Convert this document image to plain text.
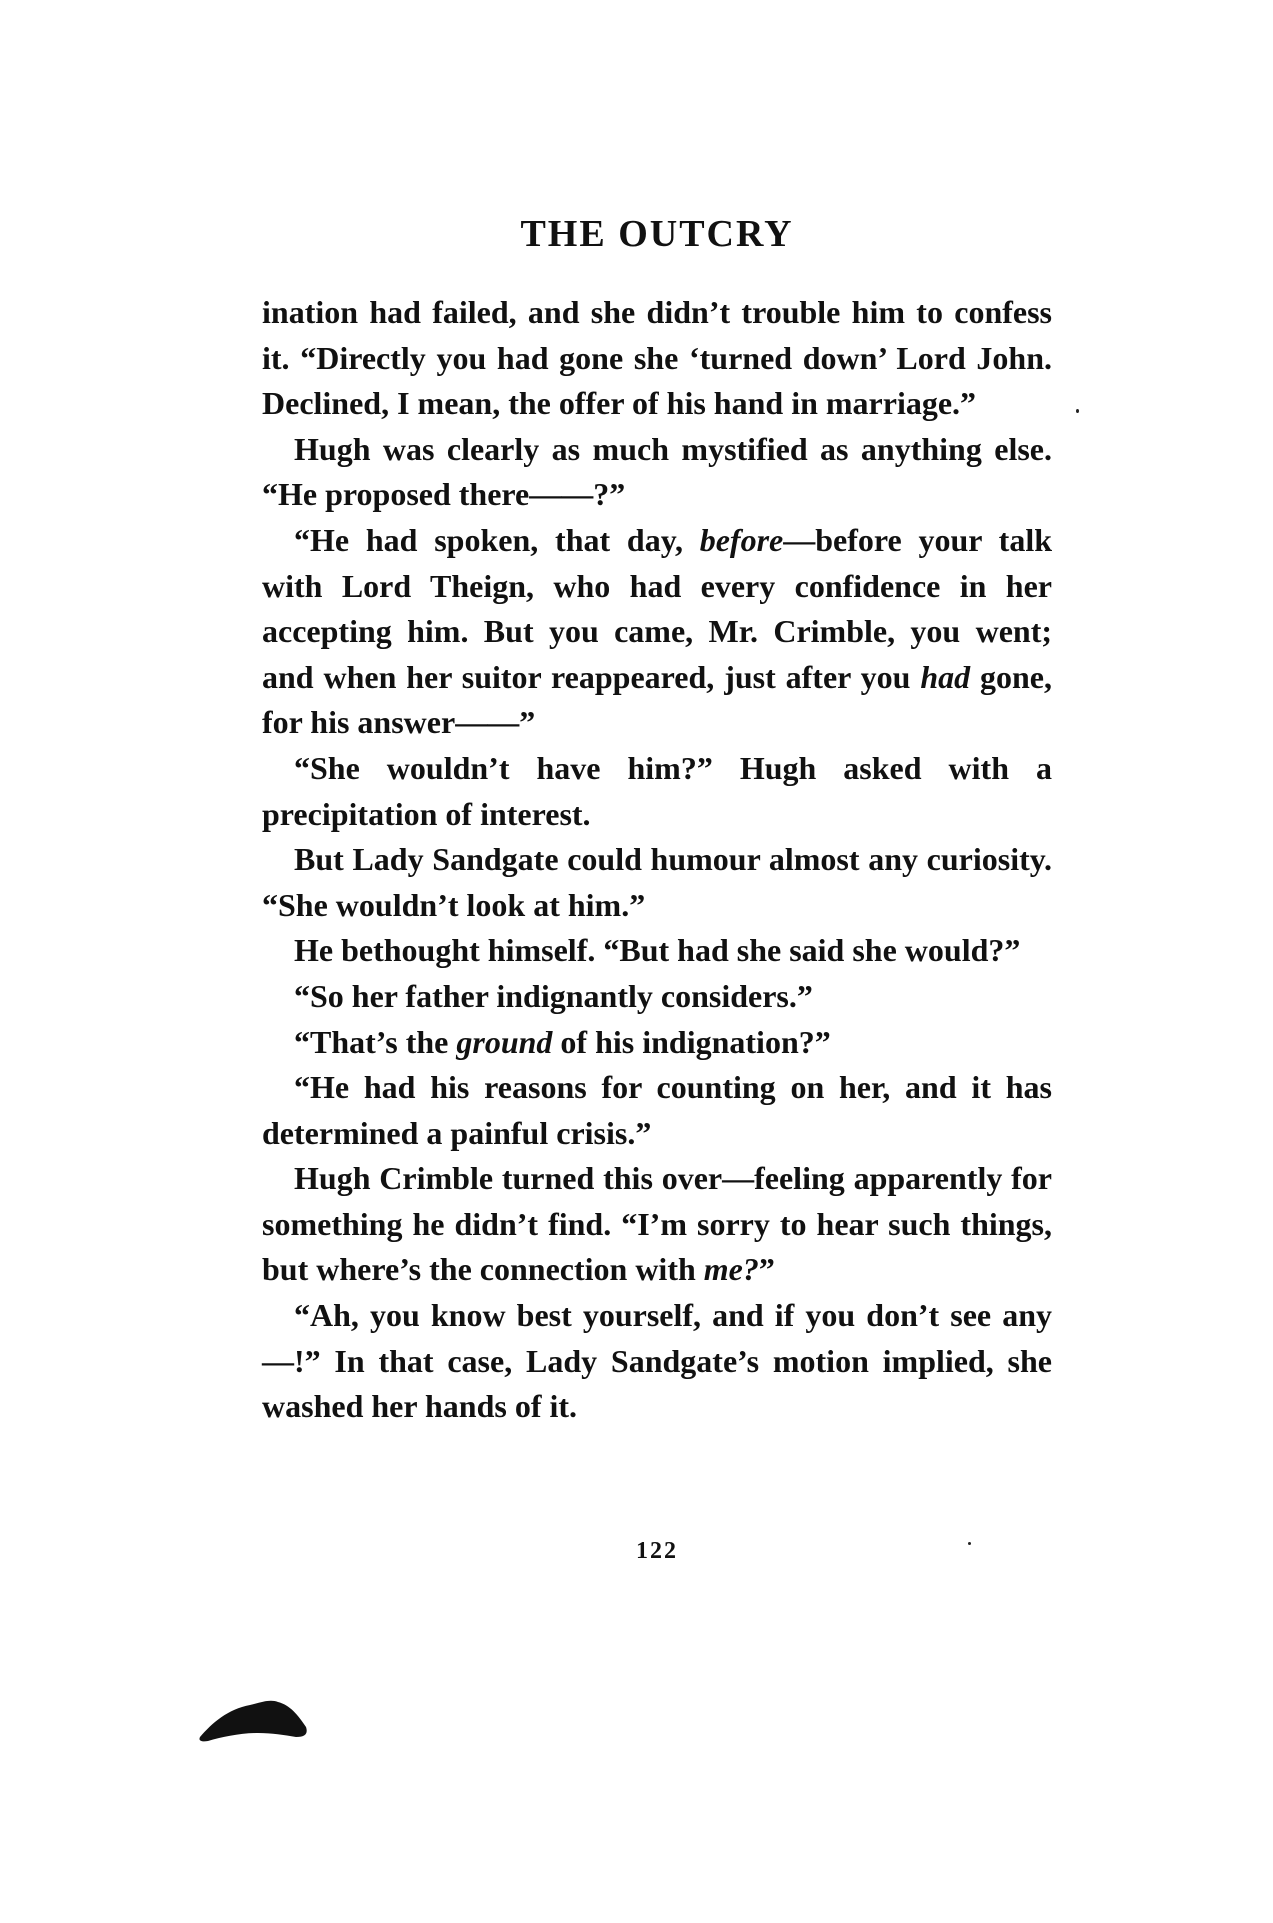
THE OUTCRY

ination had failed, and she didn’t trouble him to confess it. “Directly you had gone she ‘turned down’ Lord John. Declined, I mean, the offer of his hand in marriage.”

Hugh was clearly as much mystified as anything else. “He proposed there——?”

“He had spoken, that day, before—before your talk with Lord Theign, who had every confidence in her accepting him. But you came, Mr. Crimble, you went; and when her suitor reappeared, just after you had gone, for his answer——”

“She wouldn’t have him?” Hugh asked with a precipitation of interest.

But Lady Sandgate could humour almost any curiosity. “She wouldn’t look at him.”

He bethought himself. “But had she said she would?”

“So her father indignantly considers.”

“That’s the ground of his indignation?”

“He had his reasons for counting on her, and it has determined a painful crisis.”

Hugh Crimble turned this over—feeling apparently for something he didn’t find. “I’m sorry to hear such things, but where’s the connection with me?”

“Ah, you know best yourself, and if you don’t see any—!” In that case, Lady Sandgate’s motion implied, she washed her hands of it.

122
